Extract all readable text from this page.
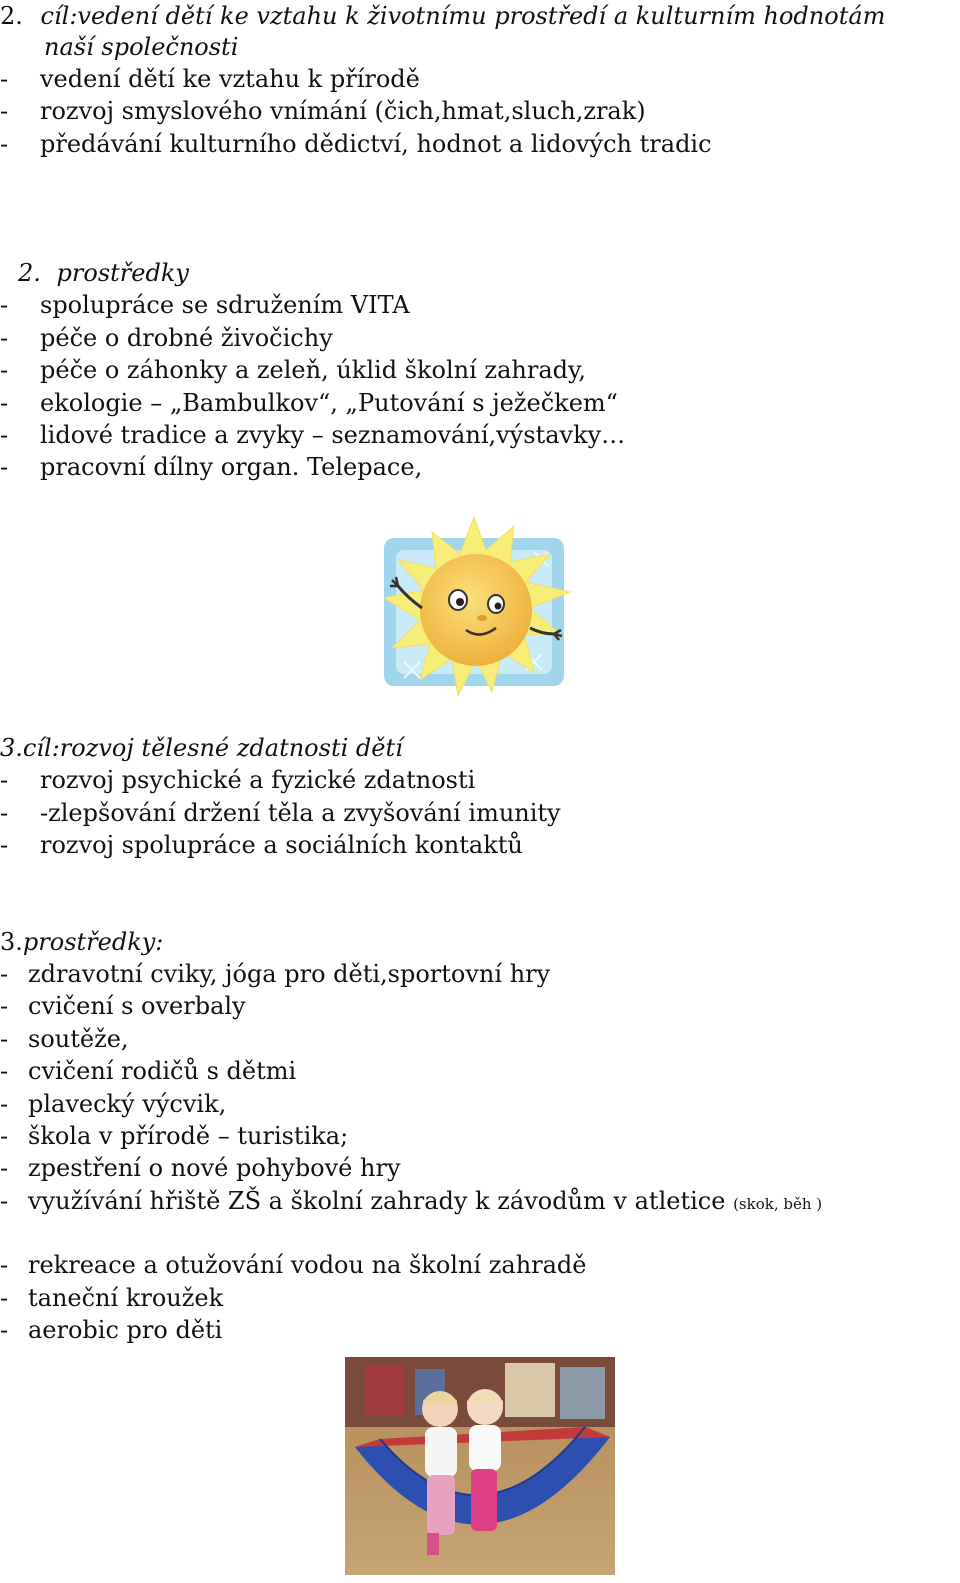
2. cíl:vedení dětí ke vztahu k životnímu prostředí a kulturním hodnotám
naší společnosti
- vedení dětí ke vztahu k přírodě
- rozvoj smyslového vnímání (čich,hmat,sluch,zrak)
- předávání kulturního dědictví, hodnot a lidových tradic
2. prostředky
- spolupráce se sdružením VITA
- péče o drobné živočichy
- péče o záhonky a zeleň, úklid školní zahrady,
- ekologie – „Bambulkov“, „Putování s ježečkem“
- lidové tradice a zvyky – seznamování,výstavky…
- pracovní dílny organ. Telepace,
3.cíl:rozvoj tělesné zdatnosti dětí
- rozvoj psychické a fyzické zdatnosti
- -zlepšování držení těla a zvyšování imunity
- rozvoj spolupráce a sociálních kontaktů
3.prostředky:
- zdravotní cviky, jóga pro děti,sportovní hry
- cvičení s overbaly
- soutěže,
- cvičení rodičů s dětmi
- plavecký výcvik,
- škola v přírodě – turistika;
- zpestření o nové pohybové hry
- využívání hřiště ZŠ a školní zahrady k závodům v atletice (skok, běh )
- rekreace a otužování vodou na školní zahradě
- taneční kroužek
- aerobic pro děti
